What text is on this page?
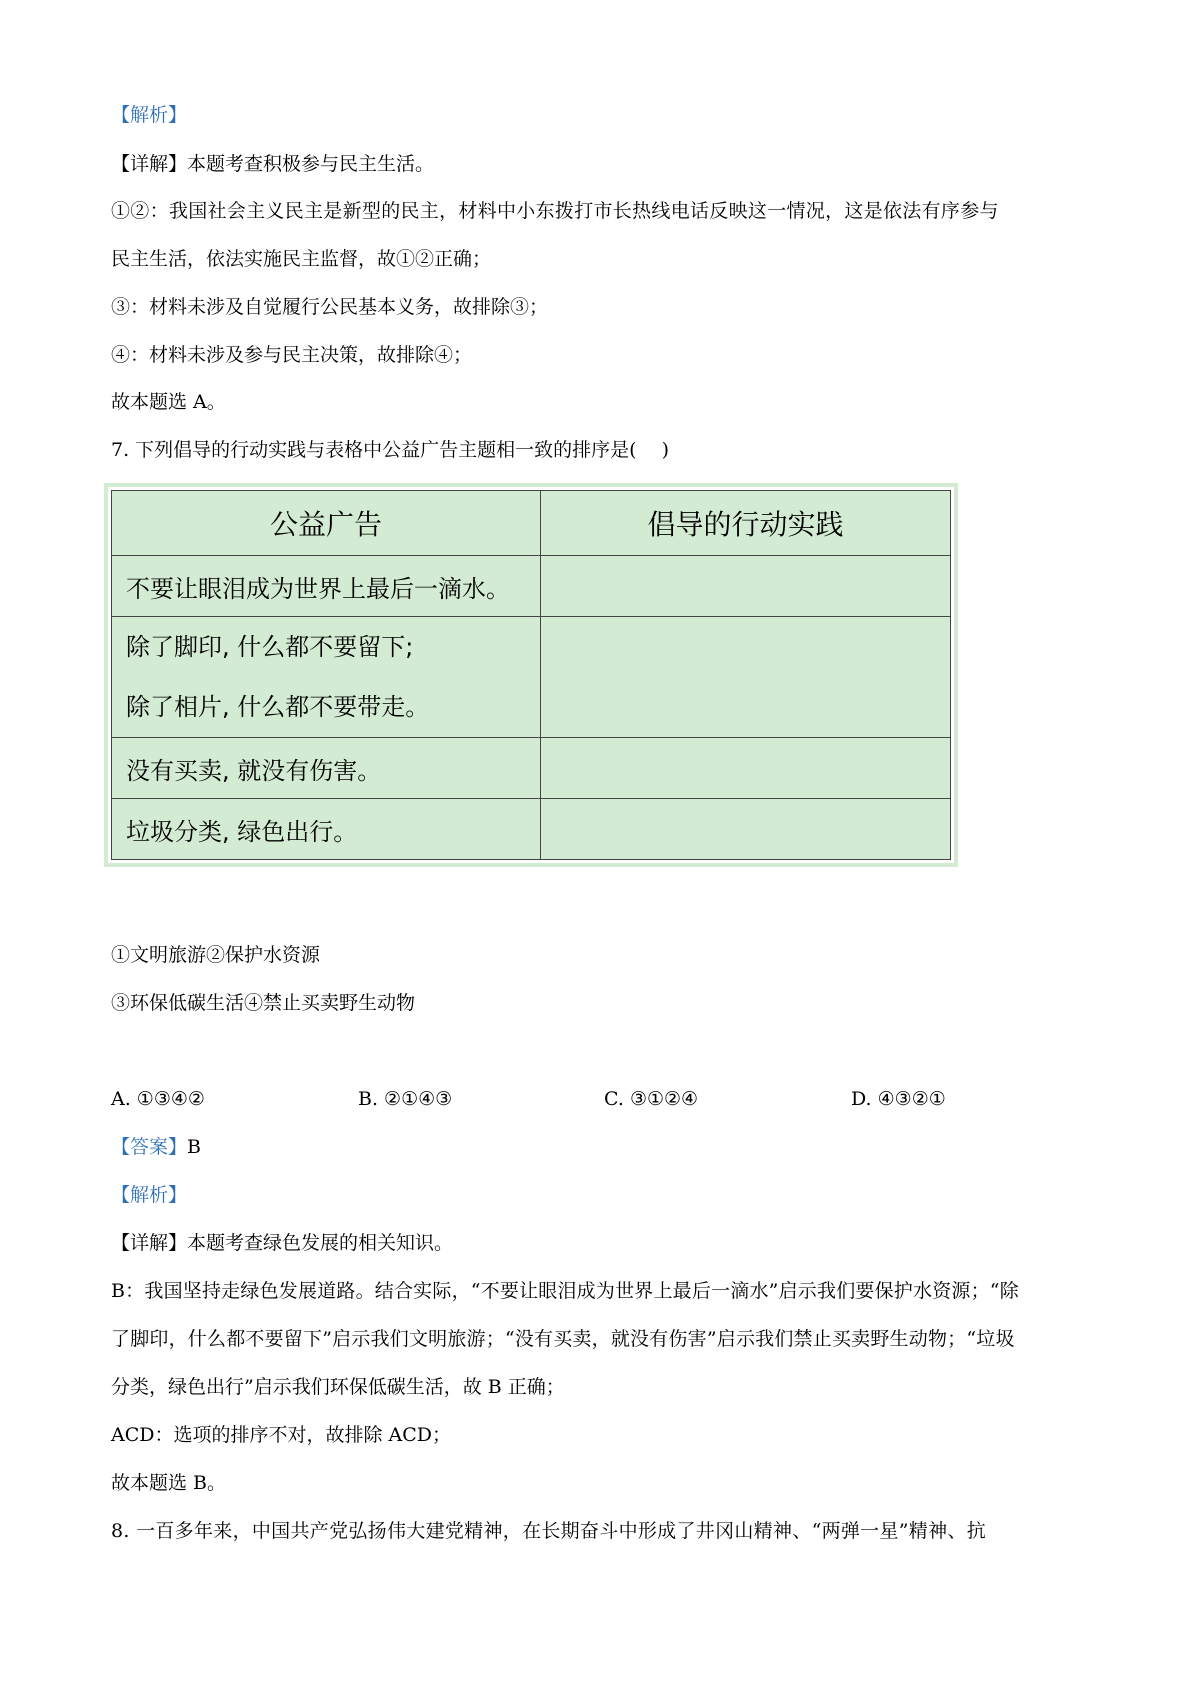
【解析】
【详解】本题考查积极参与民主生活。
①②：我国社会主义民主是新型的民主，材料中小东拨打市长热线电话反映这一情况，这是依法有序参与
民主生活，依法实施民主监督，故①②正确；
③：材料未涉及自觉履行公民基本义务，故排除③；
④：材料未涉及参与民主决策，故排除④；
故本题选 A。
7. 下列倡导的行动实践与表格中公益广告主题相一致的排序是(　 )
公益广告	倡导的行动实践
不要让眼泪成为世界上最后一滴水。	

除了脚印, 什么都不要留下;
除了相片, 什么都不要带走。	

没有买卖, 就没有伤害。	
垃圾分类, 绿色出行。	
①文明旅游②保护水资源
③环保低碳生活④禁止买卖野生动物
A. ①③④②	B. ②①④③	C. ③①②④	D. ④③②①
【答案】B
【解析】
【详解】本题考查绿色发展的相关知识。
B：我国坚持走绿色发展道路。结合实际，“不要让眼泪成为世界上最后一滴水”启示我们要保护水资源；“除
了脚印，什么都不要留下”启示我们文明旅游；“没有买卖，就没有伤害”启示我们禁止买卖野生动物；“垃圾
分类，绿色出行”启示我们环保低碳生活，故 B 正确；
ACD：选项的排序不对，故排除 ACD；
故本题选 B。
8. 一百多年来，中国共产党弘扬伟大建党精神，在长期奋斗中形成了井冈山精神、“两弹一星”精神、抗
